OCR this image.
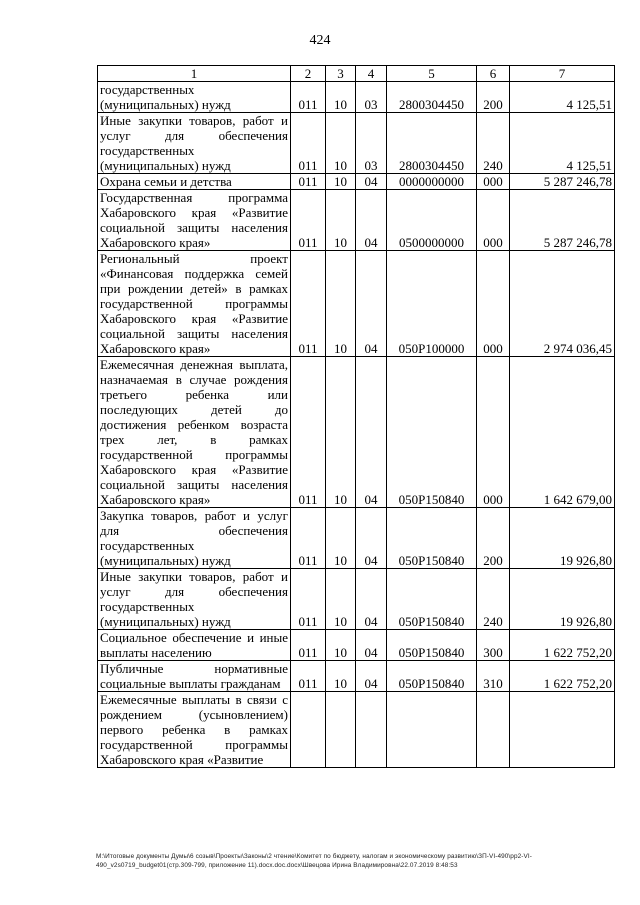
424
1	2	3	4	5	6	7
государственных (муниципальных) нужд	011	10	03	2800304450	200	4 125,51
Иные закупки товаров, работ и услуг для обеспечения государственных (муниципальных) нужд	011	10	03	2800304450	240	4 125,51
Охрана семьи и детства	011	10	04	0000000000	000	5 287 246,78
Государственная программа Хабаровского края «Развитие социальной защиты населения Хабаровского края»	011	10	04	0500000000	000	5 287 246,78
Региональный проект «Финансовая поддержка семей при рождении детей» в рамках государственной программы Хабаровского края «Развитие социальной защиты населения Хабаровского края»	011	10	04	050P100000	000	2 974 036,45
Ежемесячная денежная выплата, назначаемая в случае рождения третьего ребенка или последующих детей до достижения ребенком возраста трех лет, в рамках государственной программы Хабаровского края «Развитие социальной защиты населения Хабаровского края»	011	10	04	050P150840	000	1 642 679,00
Закупка товаров, работ и услуг для обеспечения государственных (муниципальных) нужд	011	10	04	050P150840	200	19 926,80
Иные закупки товаров, работ и услуг для обеспечения государственных (муниципальных) нужд	011	10	04	050P150840	240	19 926,80
Социальное обеспечение и иные выплаты населению	011	10	04	050P150840	300	1 622 752,20
Публичные нормативные социальные выплаты гражданам	011	10	04	050P150840	310	1 622 752,20
Ежемесячные выплаты в связи с рождением (усыновлением) первого ребенка в рамках государственной программы Хабаровского края «Развитие						
M:\Итоговые документы Думы\6 созыв\Проекты\Законы\2 чтение\Комитет по бюджету, налогам и экономическому развитию\ЗП-VI-490\рр2-VI-490_v2s0719_budget01(стр.309-799, приложение 11).docx.doc.docx\Швецова Ирина Владимировна\22.07.2019 8:48:53
